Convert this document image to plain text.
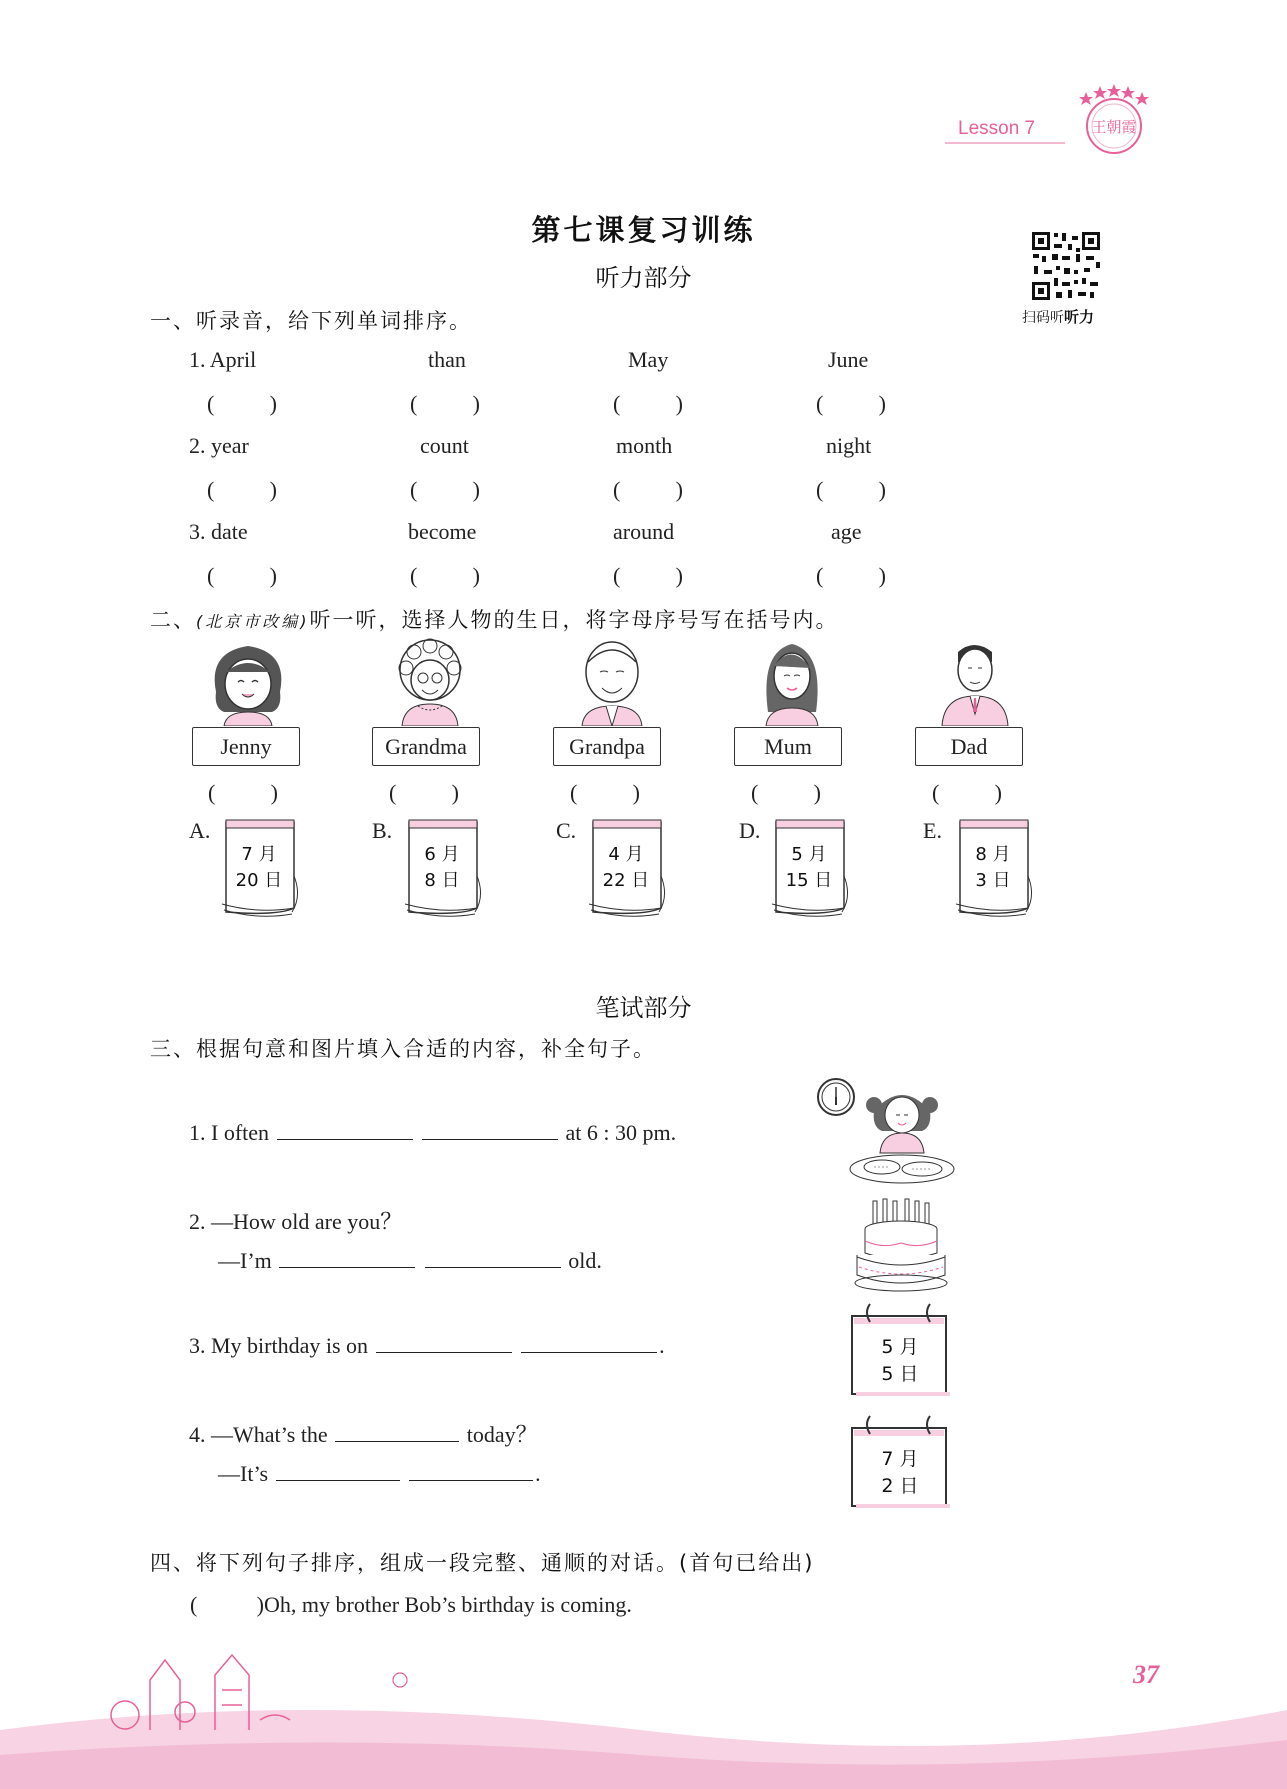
Lesson 7	王朝霞
第七课复习训练
听力部分
扫码听听力
一、听录音，给下列单词排序。
1. April	than	May	June
(	)	(	)	(	)	(	)
2. year	count	month	night
(	)	(	)	(	)	(	)
3. date	become	around	age
(	)	(	)	(	)	(	)
二、(北京市改编)听一听，选择人物的生日，将字母序号写在括号内。
Jenny	Grandma	Grandpa	Mum	Dad
(	)	(	)	(	)	(	)	(	)
A.	B.	C.	D.	E.
7 月
20 日
6 月
8 日
4 月
22 日
5 月
15 日
8 月
3 日
笔试部分
三、根据句意和图片填入合适的内容，补全句子。
1. I often	at 6 : 30 pm.
2. —How old are you？
—I’m	old.
3. My birthday is on	.
4. —What’s the	today？
—It’s	.
5 月
5 日
7 月
2 日
四、将下列句子排序，组成一段完整、通顺的对话。(首句已给出)
(	) Oh, my brother Bob’s birthday is coming.
37
